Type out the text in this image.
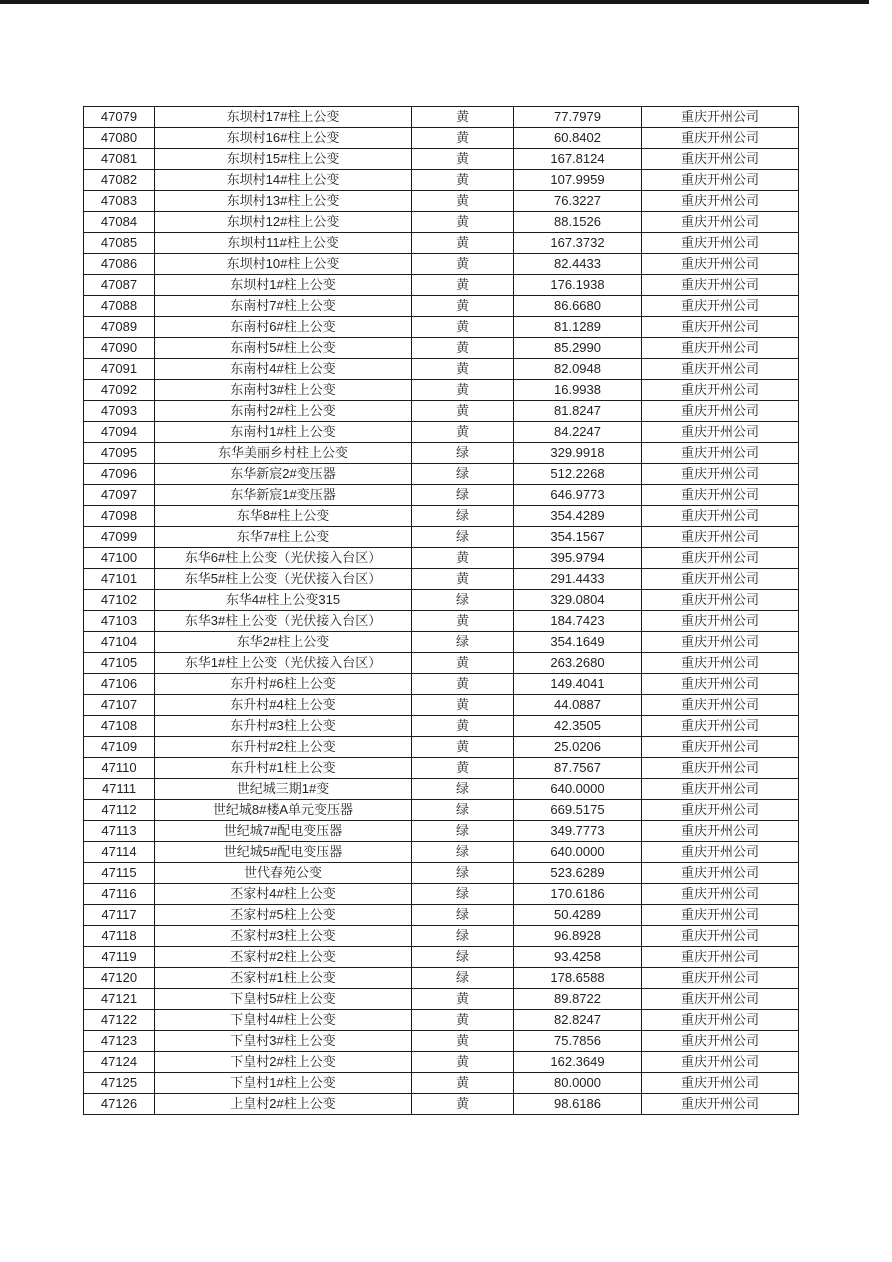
47079	东坝村17#柱上公变	黄	77.7979	重庆开州公司
47080	东坝村16#柱上公变	黄	60.8402	重庆开州公司
47081	东坝村15#柱上公变	黄	167.8124	重庆开州公司
47082	东坝村14#柱上公变	黄	107.9959	重庆开州公司
47083	东坝村13#柱上公变	黄	76.3227	重庆开州公司
47084	东坝村12#柱上公变	黄	88.1526	重庆开州公司
47085	东坝村11#柱上公变	黄	167.3732	重庆开州公司
47086	东坝村10#柱上公变	黄	82.4433	重庆开州公司
47087	东坝村1#柱上公变	黄	176.1938	重庆开州公司
47088	东南村7#柱上公变	黄	86.6680	重庆开州公司
47089	东南村6#柱上公变	黄	81.1289	重庆开州公司
47090	东南村5#柱上公变	黄	85.2990	重庆开州公司
47091	东南村4#柱上公变	黄	82.0948	重庆开州公司
47092	东南村3#柱上公变	黄	16.9938	重庆开州公司
47093	东南村2#柱上公变	黄	81.8247	重庆开州公司
47094	东南村1#柱上公变	黄	84.2247	重庆开州公司
47095	东华美丽乡村柱上公变	绿	329.9918	重庆开州公司
47096	东华新宸2#变压器	绿	512.2268	重庆开州公司
47097	东华新宸1#变压器	绿	646.9773	重庆开州公司
47098	东华8#柱上公变	绿	354.4289	重庆开州公司
47099	东华7#柱上公变	绿	354.1567	重庆开州公司
47100	东华6#柱上公变（光伏接入台区）	黄	395.9794	重庆开州公司
47101	东华5#柱上公变（光伏接入台区）	黄	291.4433	重庆开州公司
47102	东华4#柱上公变315	绿	329.0804	重庆开州公司
47103	东华3#柱上公变（光伏接入台区）	黄	184.7423	重庆开州公司
47104	东华2#柱上公变	绿	354.1649	重庆开州公司
47105	东华1#柱上公变（光伏接入台区）	黄	263.2680	重庆开州公司
47106	东升村#6柱上公变	黄	149.4041	重庆开州公司
47107	东升村#4柱上公变	黄	44.0887	重庆开州公司
47108	东升村#3柱上公变	黄	42.3505	重庆开州公司
47109	东升村#2柱上公变	黄	25.0206	重庆开州公司
47110	东升村#1柱上公变	黄	87.7567	重庆开州公司
47111	世纪城三期1#变	绿	640.0000	重庆开州公司
47112	世纪城8#楼A单元变压器	绿	669.5175	重庆开州公司
47113	世纪城7#配电变压器	绿	349.7773	重庆开州公司
47114	世纪城5#配电变压器	绿	640.0000	重庆开州公司
47115	世代春苑公变	绿	523.6289	重庆开州公司
47116	丕家村4#柱上公变	绿	170.6186	重庆开州公司
47117	丕家村#5柱上公变	绿	50.4289	重庆开州公司
47118	丕家村#3柱上公变	绿	96.8928	重庆开州公司
47119	丕家村#2柱上公变	绿	93.4258	重庆开州公司
47120	丕家村#1柱上公变	绿	178.6588	重庆开州公司
47121	下皇村5#柱上公变	黄	89.8722	重庆开州公司
47122	下皇村4#柱上公变	黄	82.8247	重庆开州公司
47123	下皇村3#柱上公变	黄	75.7856	重庆开州公司
47124	下皇村2#柱上公变	黄	162.3649	重庆开州公司
47125	下皇村1#柱上公变	黄	80.0000	重庆开州公司
47126	上皇村2#柱上公变	黄	98.6186	重庆开州公司
